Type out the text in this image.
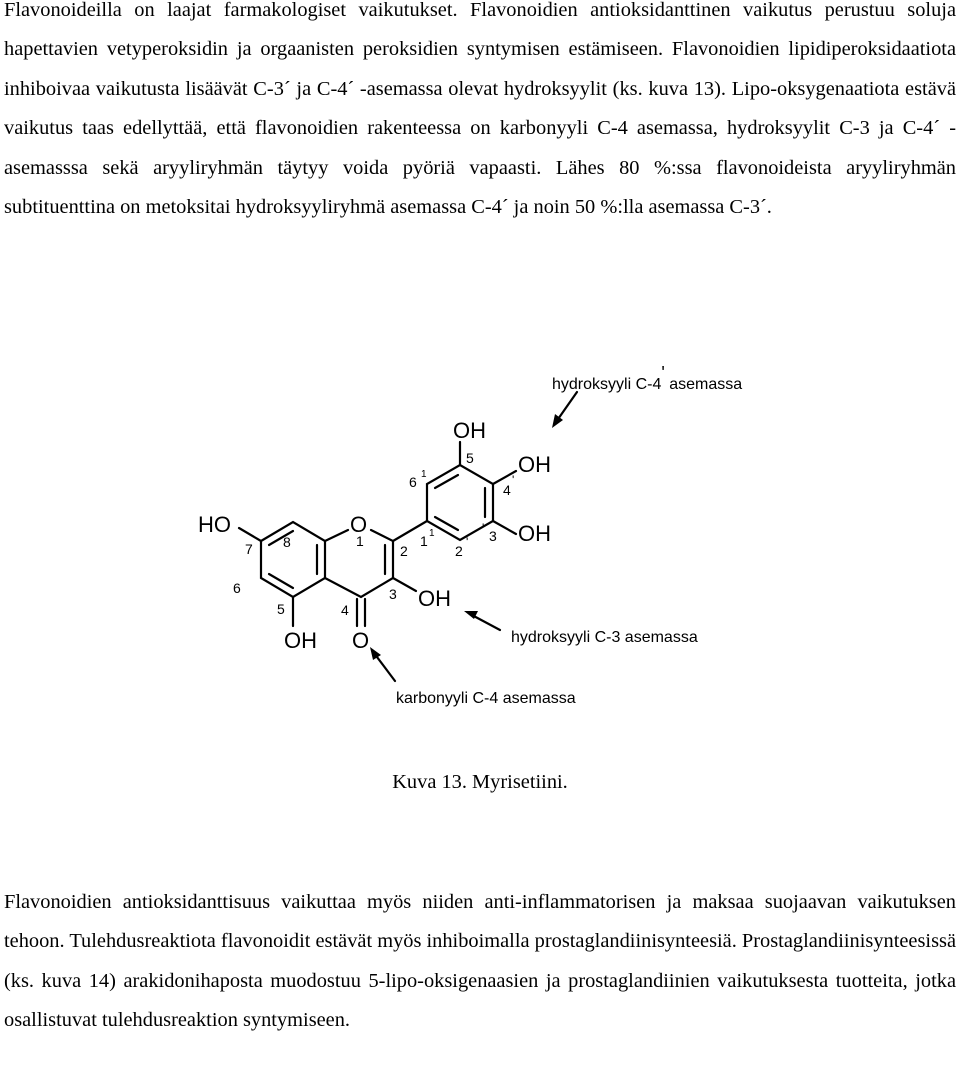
Flavonoideilla on laajat farmakologiset vaikutukset. Flavonoidien antioksidanttinen vaikutus perustuu soluja hapettavien vetyperoksidin ja orgaanisten peroksidien syntymisen estämiseen. Flavonoidien lipidiperoksidaatiota inhiboivaa vaikutusta lisäävät C-3´ ja C-4´ -asemassa olevat hydroksyylit (ks. kuva 13). Lipo-oksygenaatiota estävä vaikutus taas edellyttää, että flavonoidien rakenteessa on karbonyyli C-4 asemassa, hydroksyylit C-3 ja C-4´ -asemasssa sekä aryyliryhmän täytyy voida pyöriä vapaasti. Lähes 80 %:ssa flavonoideista aryyliryhmän subtituenttina on metoksitai hydroksyyliryhmä asemassa C-4´ ja noin 50 %:lla asemassa C-3´.

HO	O
O
OH
OH
OH
OH
OH
7 8	1
2
6
5	4
3
1 1
2
' 3
'
4
'
5
6 1
hydroksyyli C-4' asemassa
hydroksyyli C-3 asemassa
karbonyyli C-4 asemassa
Kuva 13. Myrisetiini.

Flavonoidien antioksidanttisuus vaikuttaa myös niiden anti-inflammatorisen ja maksaa suojaavan vaikutuksen tehoon. Tulehdusreaktiota flavonoidit estävät myös inhiboimalla prostaglandiinisynteesiä. Prostaglandiinisynteesissä (ks. kuva 14) arakidonihaposta muodostuu 5-lipo-oksigenaasien ja prostaglandiinien vaikutuksesta tuotteita, jotka osallistuvat tulehdusreaktion syntymiseen.
